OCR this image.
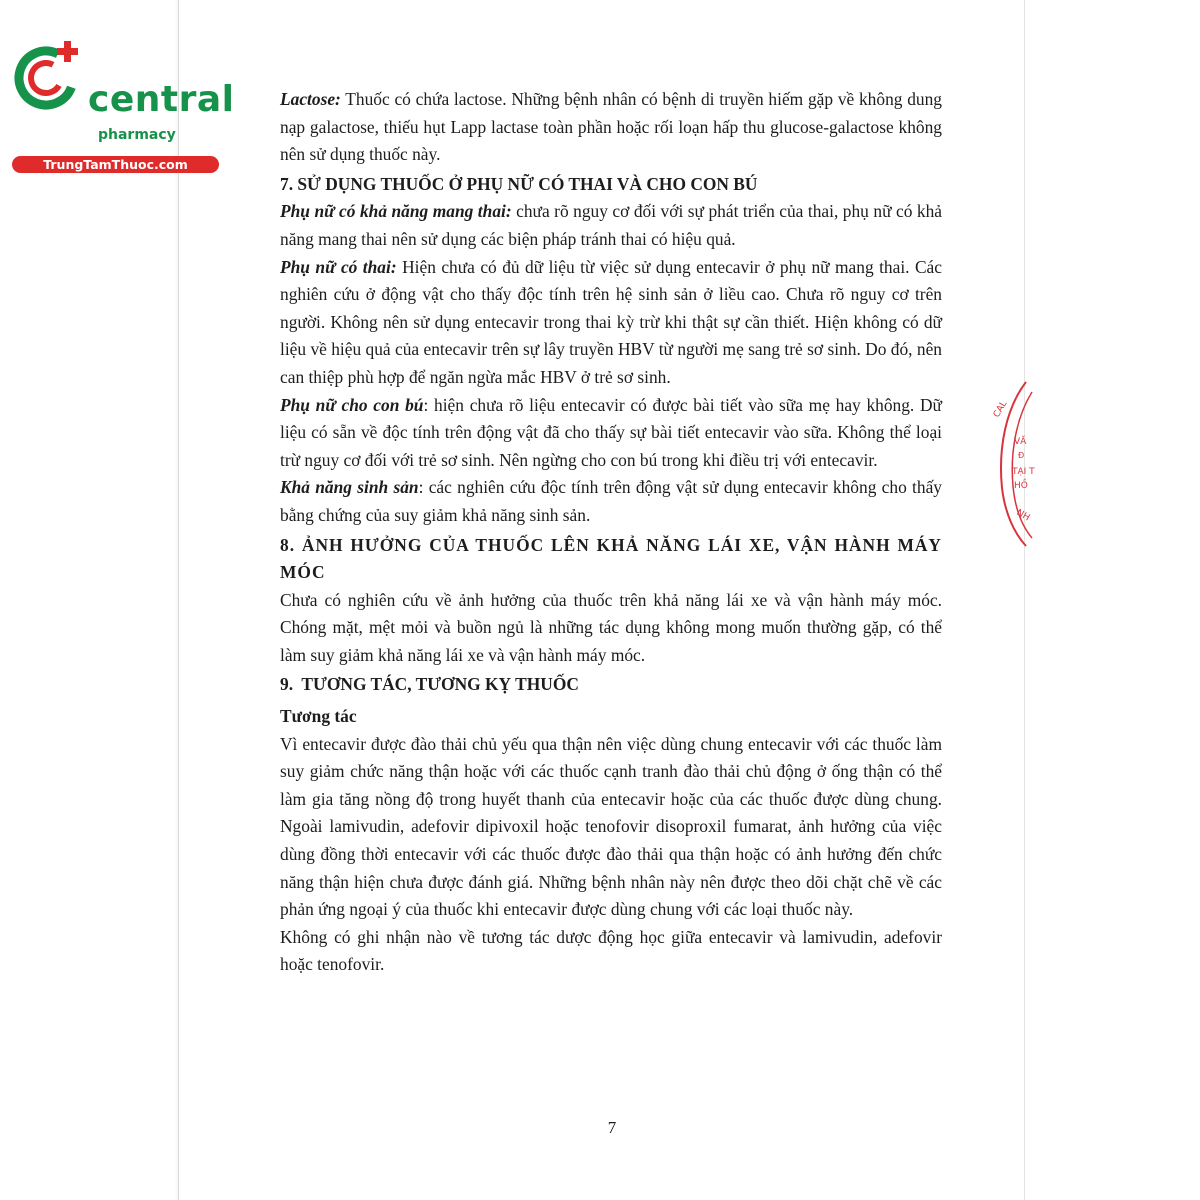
central
pharmacy
TrungTamThuoc.com
CAL
VĂ
Đ
TẠI T
HỒ
NH

Lactose: Thuốc có chứa lactose. Những bệnh nhân có bệnh di truyền hiếm gặp về không dung nạp galactose, thiếu hụt Lapp lactase toàn phần hoặc rối loạn hấp thu glucose-galactose không nên sử dụng thuốc này.

7. SỬ DỤNG THUỐC Ở PHỤ NỮ CÓ THAI VÀ CHO CON BÚ

Phụ nữ có khả năng mang thai: chưa rõ nguy cơ đối với sự phát triển của thai, phụ nữ có khả năng mang thai nên sử dụng các biện pháp tránh thai có hiệu quả.

Phụ nữ có thai: Hiện chưa có đủ dữ liệu từ việc sử dụng entecavir ở phụ nữ mang thai. Các nghiên cứu ở động vật cho thấy độc tính trên hệ sinh sản ở liều cao. Chưa rõ nguy cơ trên người. Không nên sử dụng entecavir trong thai kỳ trừ khi thật sự cần thiết. Hiện không có dữ liệu về hiệu quả của entecavir trên sự lây truyền HBV từ người mẹ sang trẻ sơ sinh. Do đó, nên can thiệp phù hợp để ngăn ngừa mắc HBV ở trẻ sơ sinh.

Phụ nữ cho con bú: hiện chưa rõ liệu entecavir có được bài tiết vào sữa mẹ hay không. Dữ liệu có sẵn về độc tính trên động vật đã cho thấy sự bài tiết entecavir vào sữa. Không thể loại trừ nguy cơ đối với trẻ sơ sinh. Nên ngừng cho con bú trong khi điều trị với entecavir.

Khả năng sinh sản: các nghiên cứu độc tính trên động vật sử dụng entecavir không cho thấy bằng chứng của suy giảm khả năng sinh sản.

8. ẢNH HƯỞNG CỦA THUỐC LÊN KHẢ NĂNG LÁI XE, VẬN HÀNH MÁY MÓC

Chưa có nghiên cứu về ảnh hưởng của thuốc trên khả năng lái xe và vận hành máy móc. Chóng mặt, mệt mỏi và buồn ngủ là những tác dụng không mong muốn thường gặp, có thể làm suy giảm khả năng lái xe và vận hành máy móc.

9.  TƯƠNG TÁC, TƯƠNG KỴ THUỐC
Tương tác

Vì entecavir được đào thải chủ yếu qua thận nên việc dùng chung entecavir với các thuốc làm suy giảm chức năng thận hoặc với các thuốc cạnh tranh đào thải chủ động ở ống thận có thể làm gia tăng nồng độ trong huyết thanh của entecavir hoặc của các thuốc được dùng chung. Ngoài lamivudin, adefovir dipivoxil hoặc tenofovir disoproxil fumarat, ảnh hưởng của việc dùng đồng thời entecavir với các thuốc được đào thải qua thận hoặc có ảnh hưởng đến chức năng thận hiện chưa được đánh giá. Những bệnh nhân này nên được theo dõi chặt chẽ về các phản ứng ngoại ý của thuốc khi entecavir được dùng chung với các loại thuốc này.

Không có ghi nhận nào về tương tác dược động học giữa entecavir và lamivudin, adefovir hoặc tenofovir.

7
